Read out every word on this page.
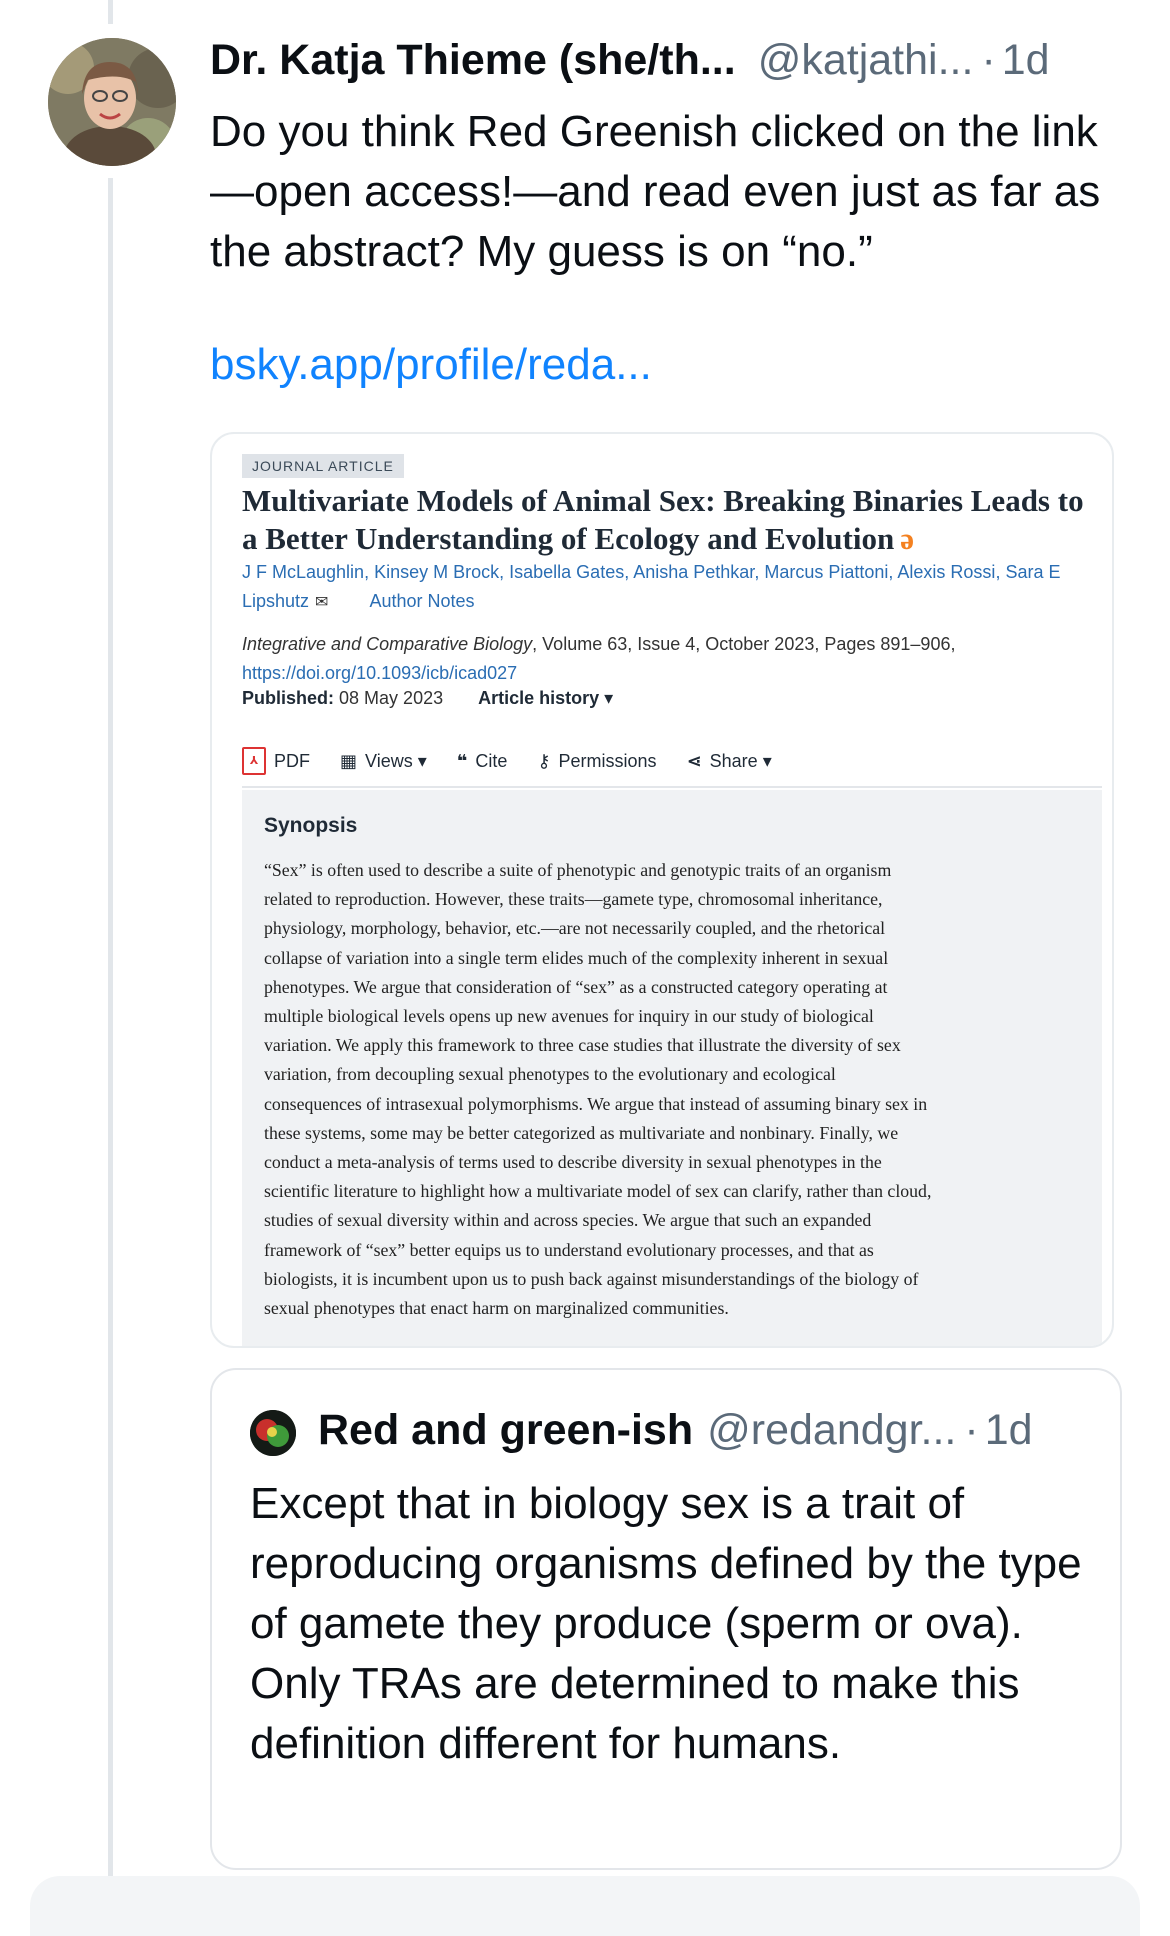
Dr. Katja Thieme (she/th... @katjathi... · 1d
Do you think Red Greenish clicked on the link—open access!—and read even just as far as the abstract? My guess is on “no.”
bsky.app/profile/reda...
JOURNAL ARTICLE
Multivariate Models of Animal Sex: Breaking Binaries Leads to a Better Understanding of Ecology and Evolution ə
J F McLaughlin, Kinsey M Brock, Isabella Gates, Anisha Pethkar, Marcus Piattoni, Alexis Rossi, Sara E Lipshutz ✉ Author Notes
Integrative and Comparative Biology, Volume 63, Issue 4, October 2023, Pages 891–906,
https://doi.org/10.1093/icb/icad027
Published: 08 May 2023 Article history ▾
⅄ PDF ▦ Views ▾ ❝ Cite ⚷ Permissions ⋖ Share ▾
Synopsis
“Sex” is often used to describe a suite of phenotypic and genotypic traits of an organism
related to reproduction. However, these traits—gamete type, chromosomal inheritance,
physiology, morphology, behavior, etc.—are not necessarily coupled, and the rhetorical
collapse of variation into a single term elides much of the complexity inherent in sexual
phenotypes. We argue that consideration of “sex” as a constructed category operating at
multiple biological levels opens up new avenues for inquiry in our study of biological
variation. We apply this framework to three case studies that illustrate the diversity of sex
variation, from decoupling sexual phenotypes to the evolutionary and ecological
consequences of intrasexual polymorphisms. We argue that instead of assuming binary sex in
these systems, some may be better categorized as multivariate and nonbinary. Finally, we
conduct a meta-analysis of terms used to describe diversity in sexual phenotypes in the
scientific literature to highlight how a multivariate model of sex can clarify, rather than cloud,
studies of sexual diversity within and across species. We argue that such an expanded
framework of “sex” better equips us to understand evolutionary processes, and that as
biologists, it is incumbent upon us to push back against misunderstandings of the biology of
sexual phenotypes that enact harm on marginalized communities.
Red and green-ish @redandgr... · 1d
Except that in biology sex is a trait of reproducing organisms defined by the type of gamete they produce (sperm or ova). Only TRAs are determined to make this definition different for humans.
